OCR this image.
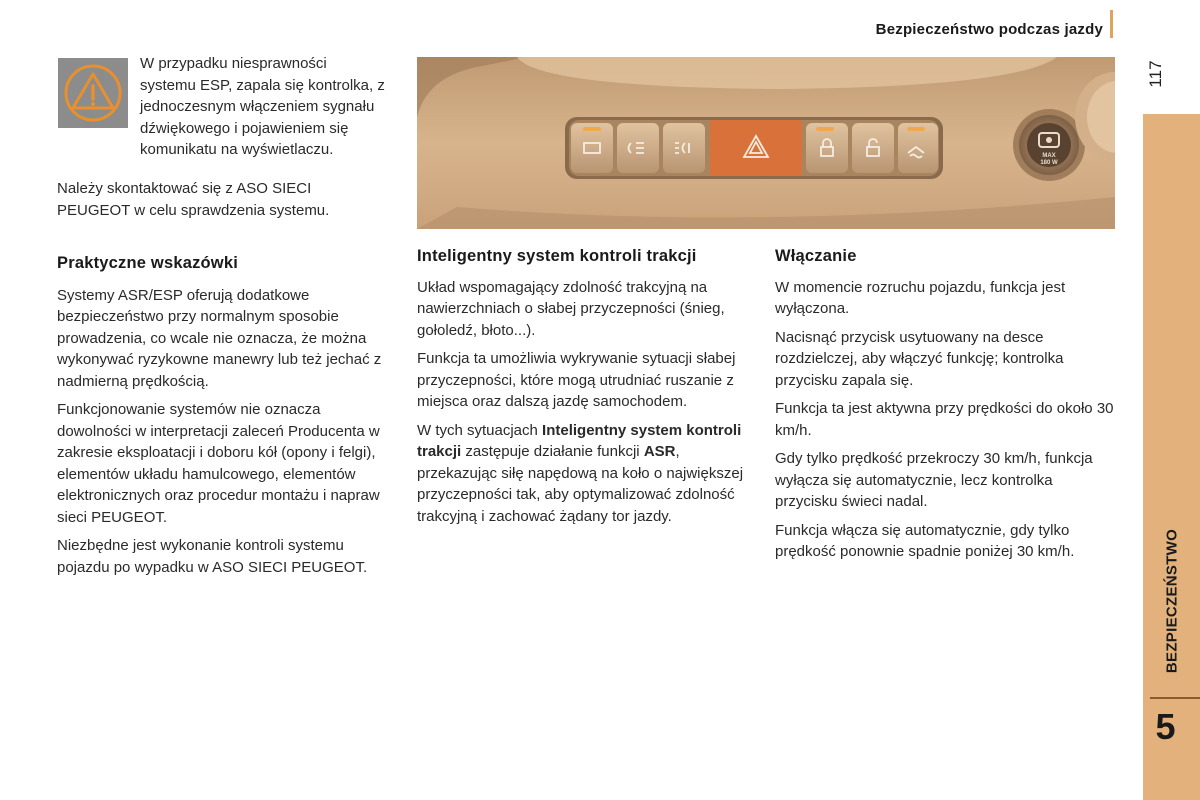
Bezpieczeństwo podczas jazdy
117
BEZPIECZEŃSTWO
5

W przypadku niesprawności systemu ESP, zapala się kontrolka, z jednoczesnym włączeniem sygnału dźwiękowego i pojawieniem się komunikatu na wyświetlaczu.

Należy skontaktować się z ASO SIECI PEUGEOT w celu sprawdzenia systemu.

Praktyczne wskazówki

Systemy ASR/ESP oferują dodatkowe bezpieczeństwo przy normalnym sposobie prowadzenia, co wcale nie oznacza, że można wykonywać ryzykowne manewry lub też jechać z nadmierną prędkością.

Funkcjonowanie systemów nie oznacza dowolności w interpretacji zaleceń Producenta w zakresie eksploatacji i doboru kół (opony i felgi), elementów układu hamulcowego, elementów elektronicznych oraz procedur montażu i napraw sieci PEUGEOT.

Niezbędne jest wykonanie kontroli systemu pojazdu po wypadku w ASO SIECI PEUGEOT.

MAX
180 W
Inteligentny system kontroli trakcji

Układ wspomagający zdolność trakcyjną na nawierzchniach o słabej przyczepności (śnieg, gołoledź, błoto...).

Funkcja ta umożliwia wykrywanie sytuacji słabej przyczepności, które mogą utrudniać ruszanie z miejsca oraz dalszą jazdę samochodem.

W tych sytuacjach Inteligentny system kontroli trakcji zastępuje działanie funkcji ASR, przekazując siłę napędową na koło o największej przyczepności tak, aby optymalizować zdolność trakcyjną i zachować żądany tor jazdy.

Włączanie

W momencie rozruchu pojazdu, funkcja jest wyłączona.

Nacisnąć przycisk usytuowany na desce rozdzielczej, aby włączyć funkcję; kontrolka przycisku zapala się.

Funkcja ta jest aktywna przy prędkości do około 30 km/h.

Gdy tylko prędkość przekroczy 30 km/h, funkcja wyłącza się automatycznie, lecz kontrolka przycisku świeci nadal.

Funkcja włącza się automatycznie, gdy tylko prędkość ponownie spadnie poniżej 30 km/h.
